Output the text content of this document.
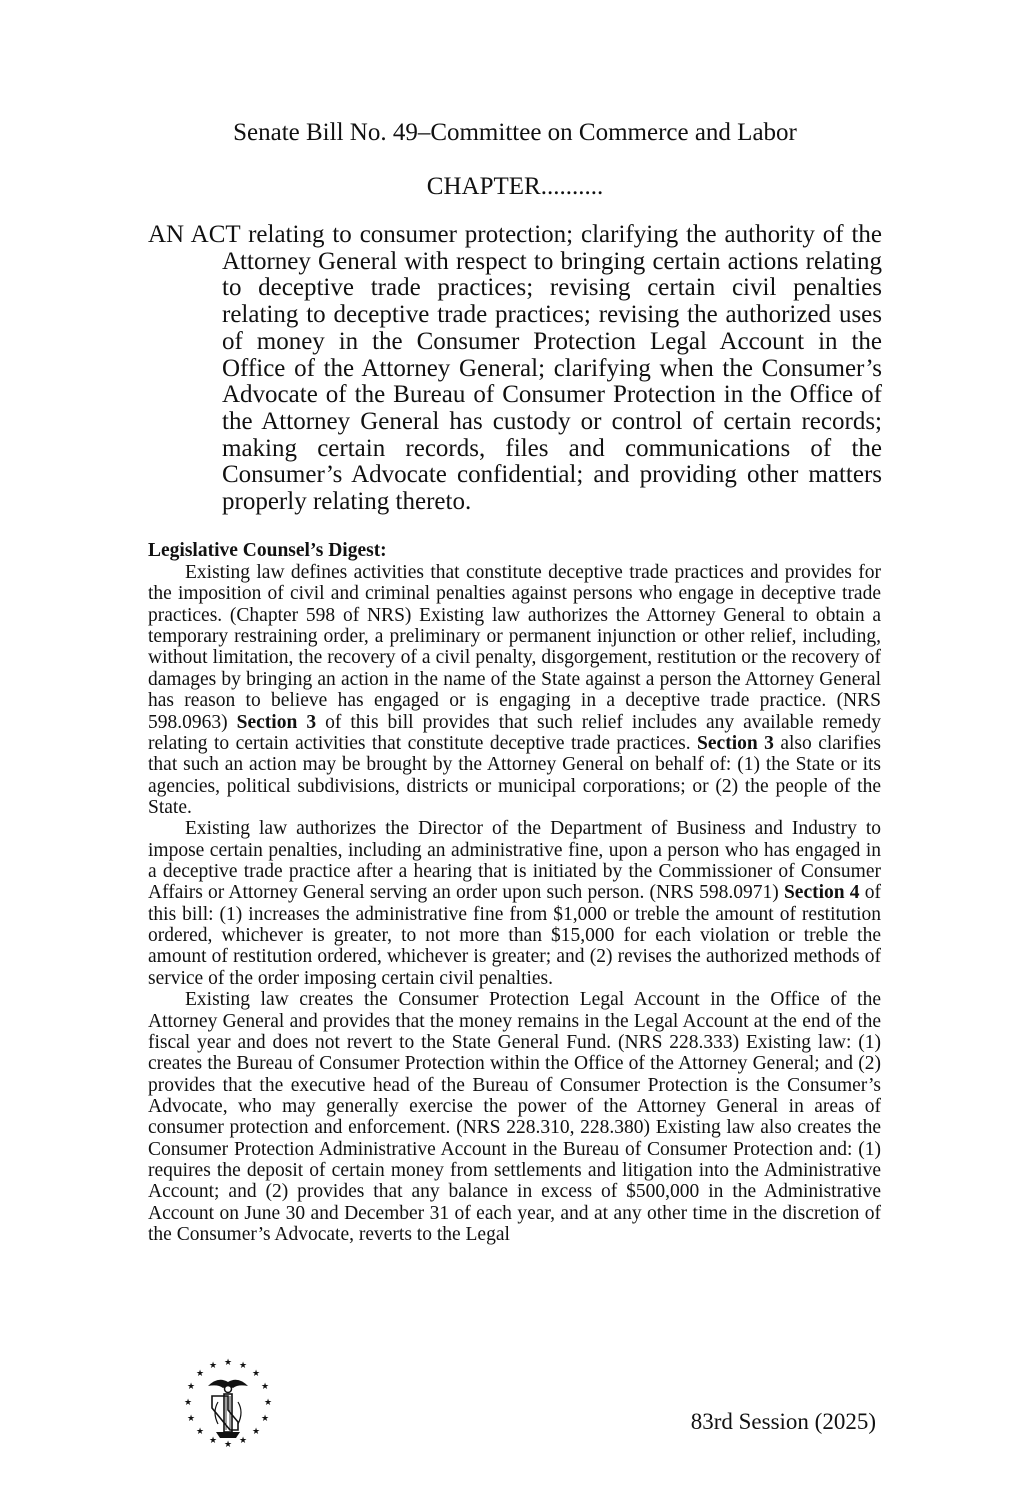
Senate Bill No. 49–Committee on Commerce and Labor
CHAPTER..........
AN ACT relating to consumer protection; clarifying the authority of the Attorney General with respect to bringing certain actions relating to deceptive trade practices; revising certain civil penalties relating to deceptive trade practices; revising the authorized uses of money in the Consumer Protection Legal Account in the Office of the Attorney General; clarifying when the Consumer’s Advocate of the Bureau of Consumer Protection in the Office of the Attorney General has custody or control of certain records; making certain records, files and communications of the Consumer’s Advocate confidential; and providing other matters properly relating thereto.
Legislative Counsel’s Digest:

Existing law defines activities that constitute deceptive trade practices and provides for the imposition of civil and criminal penalties against persons who engage in deceptive trade practices. (Chapter 598 of NRS) Existing law authorizes the Attorney General to obtain a temporary restraining order, a preliminary or permanent injunction or other relief, including, without limitation, the recovery of a civil penalty, disgorgement, restitution or the recovery of damages by bringing an action in the name of the State against a person the Attorney General has reason to believe has engaged or is engaging in a deceptive trade practice. (NRS 598.0963) Section 3 of this bill provides that such relief includes any available remedy relating to certain activities that constitute deceptive trade practices. Section 3 also clarifies that such an action may be brought by the Attorney General on behalf of: (1) the State or its agencies, political subdivisions, districts or municipal corporations; or (2) the people of the State.

Existing law authorizes the Director of the Department of Business and Industry to impose certain penalties, including an administrative fine, upon a person who has engaged in a deceptive trade practice after a hearing that is initiated by the Commissioner of Consumer Affairs or Attorney General serving an order upon such person. (NRS 598.0971) Section 4 of this bill: (1) increases the administrative fine from $1,000 or treble the amount of restitution ordered, whichever is greater, to not more than $15,000 for each violation or treble the amount of restitution ordered, whichever is greater; and (2) revises the authorized methods of service of the order imposing certain civil penalties.

Existing law creates the Consumer Protection Legal Account in the Office of the Attorney General and provides that the money remains in the Legal Account at the end of the fiscal year and does not revert to the State General Fund. (NRS 228.333) Existing law: (1) creates the Bureau of Consumer Protection within the Office of the Attorney General; and (2) provides that the executive head of the Bureau of Consumer Protection is the Consumer’s Advocate, who may generally exercise the power of the Attorney General in areas of consumer protection and enforcement. (NRS 228.310, 228.380) Existing law also creates the Consumer Protection Administrative Account in the Bureau of Consumer Protection and: (1) requires the deposit of certain money from settlements and litigation into the Administrative Account; and (2) provides that any balance in excess of $500,000 in the Administrative Account on June 30 and December 31 of each year, and at any other time in the discretion of the Consumer’s Advocate, reverts to the Legal

★ ★
★
★
★
★
★
★
★
★
★
★
★
★
★
★
83rd Session (2025)
